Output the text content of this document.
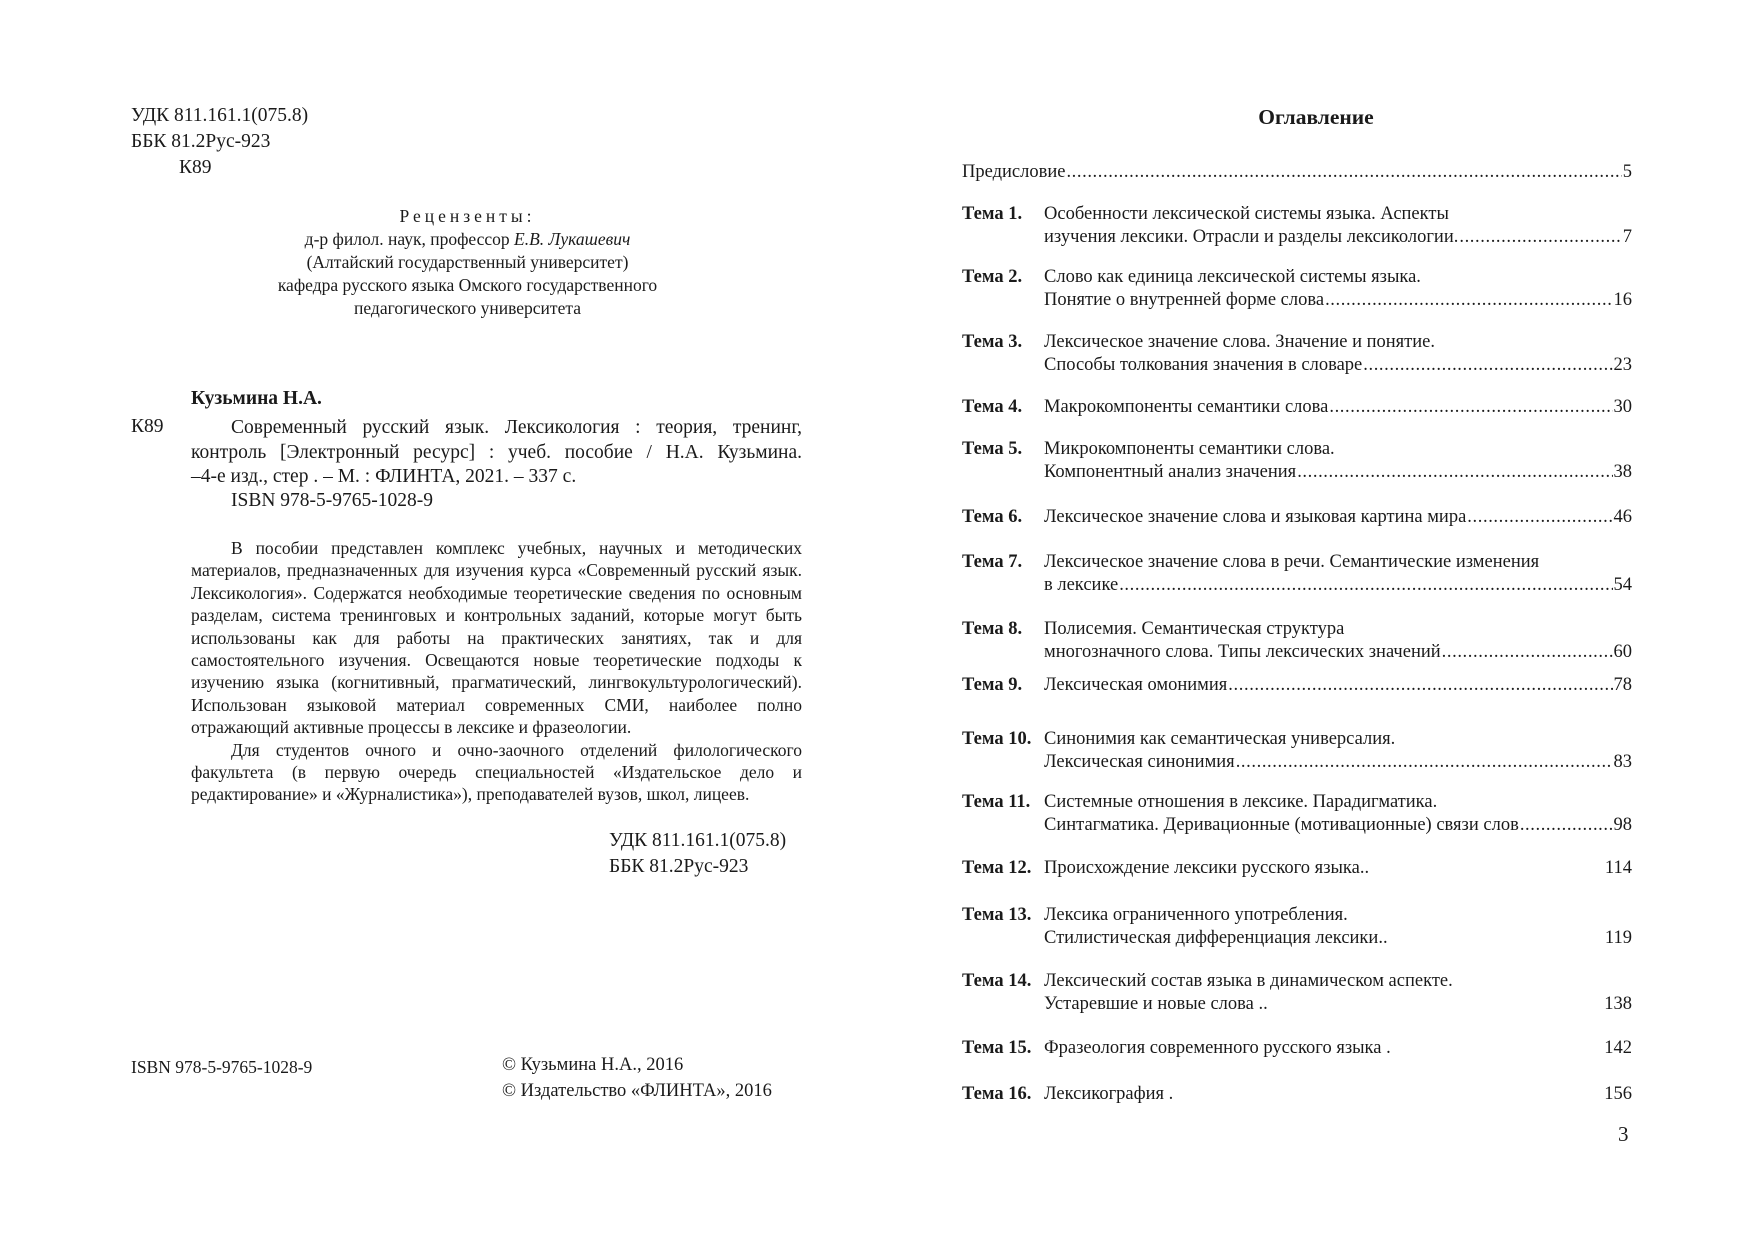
УДК 811.161.1(075.8)
ББК 81.2Рус-923
К89
Рецензенты:
д-р филол. наук, профессор Е.В. Лукашевич
(Алтайский государственный университет)
кафедра русского языка Омского государственного
педагогического университета
Кузьмина Н.А.
К89	Современный русский язык. Лексикология : теория, тренинг,
контроль [Электронный ресурс] : учеб. пособие / Н.А. Кузьмина.
–4-е изд., стер . – М. : ФЛИНТА, 2021. – 337 с.
ISBN 978-5-9765-1028-9

В пособии представлен комплекс учебных, научных и методических материалов, предназначенных для изучения курса «Современный русский язык. Лексикология». Содержатся необходимые теоретические сведения по основным разделам, система тренинговых и контрольных заданий, которые могут быть использованы как для работы на практических занятиях, так и для самостоятельного изучения. Освещаются новые теоретические подходы к изучению языка (когнитивный, прагматический, лингвокультурологический). Использован языковой материал современных СМИ, наиболее полно отражающий активные процессы в лексике и фразеологии.

Для студентов очного и очно-заочного отделений филологического факультета (в первую очередь специальностей «Издательское дело и редактирование» и «Журналистика»), преподавателей вузов, школ, лицеев.

УДК 811.161.1(075.8)
ББК 81.2Рус-923
ISBN 978-5-9765-1028-9	© Кузьмина Н.А., 2016
© Издательство «ФЛИНТА», 2016
Оглавление
Предисловие .....	5
Тема 1. Особенности лексической системы языка. Аспекты
изучения лексики. Отрасли и разделы лексикологии. .....	7
Тема 2. Слово как единица лексической системы языка.
Понятие о внутренней форме слова .....	16
Тема 3. Лексическое значение слова. Значение и понятие.
Способы толкования значения в словаре .....	23
Тема 4. Макрокомпоненты семантики слова .....	30
Тема 5. Микрокомпоненты семантики слова.
Компонентный анализ значения .....	38
Тема 6. Лексическое значение слова и языковая картина мира .....	46
Тема 7. Лексическое значение слова в речи. Семантические изменения
в лексике .....	54
Тема 8. Полисемия. Семантическая структура
многозначного слова. Типы лексических значений .....	60
Тема 9. Лексическая омонимия .....	78
Тема 10. Синонимия как семантическая универсалия.
Лексическая синонимия .....	83
Тема 11. Системные отношения в лексике. Парадигматика.
Синтагматика. Деривационные (мотивационные) связи слов .....	98
Тема 12. Происхождение лексики русского языка..	114
Тема 13. Лексика ограниченного употребления.
Стилистическая дифференциация лексики..	119
Тема 14. Лексический состав языка в динамическом аспекте.
Устаревшие и новые слова ..	138
Тема 15. Фразеология современного русского языка .	142
Тема 16. Лексикография .	156
3
